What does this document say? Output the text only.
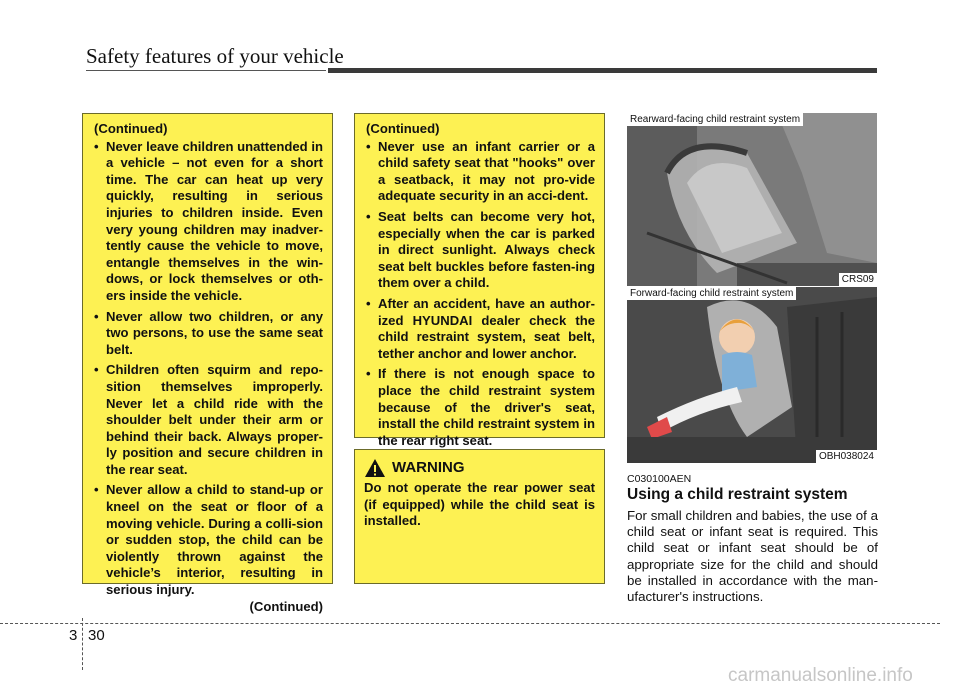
Safety features of your vehicle
(Continued)
• Never leave children unattended in a vehicle – not even for a short time. The car can heat up very quickly, resulting in serious injuries to children inside. Even very young children may inadver-tently cause the vehicle to move, entangle themselves in the win-dows, or lock themselves or oth-ers inside the vehicle.
• Never allow two children, or any two persons, to use the same seat belt.
• Children often squirm and repo-sition themselves improperly. Never let a child ride with the shoulder belt under their arm or behind their back. Always proper-ly position and secure children in the rear seat.
• Never allow a child to stand-up or kneel on the seat or floor of a moving vehicle. During a colli-sion or sudden stop, the child can be violently thrown against the vehicle’s interior, resulting in serious injury.
(Continued)
(Continued)
• Never use an infant carrier or a child safety seat that "hooks" over a seatback, it may not pro-vide adequate security in an acci-dent.
• Seat belts can become very hot, especially when the car is parked in direct sunlight. Always check seat belt buckles before fasten-ing them over a child.
• After an accident, have an author-ized HYUNDAI dealer check the child restraint system, seat belt, tether anchor and lower anchor.
• If there is not enough space to place the child restraint system because of the driver's seat, install the child restraint system in the rear right seat.
WARNING
Do not operate the rear power seat (if equipped) while the child seat is installed.
Rearward-facing child restraint system
CRS09
Forward-facing child restraint system
OBH038024
C030100AEN
Using a child restraint system
For small children and babies, the use of a child seat or infant seat is required. This child seat or infant seat should be of appropriate size for the child and should be installed in accordance with the man-ufacturer's instructions.
3 30
carmanualsonline.info
